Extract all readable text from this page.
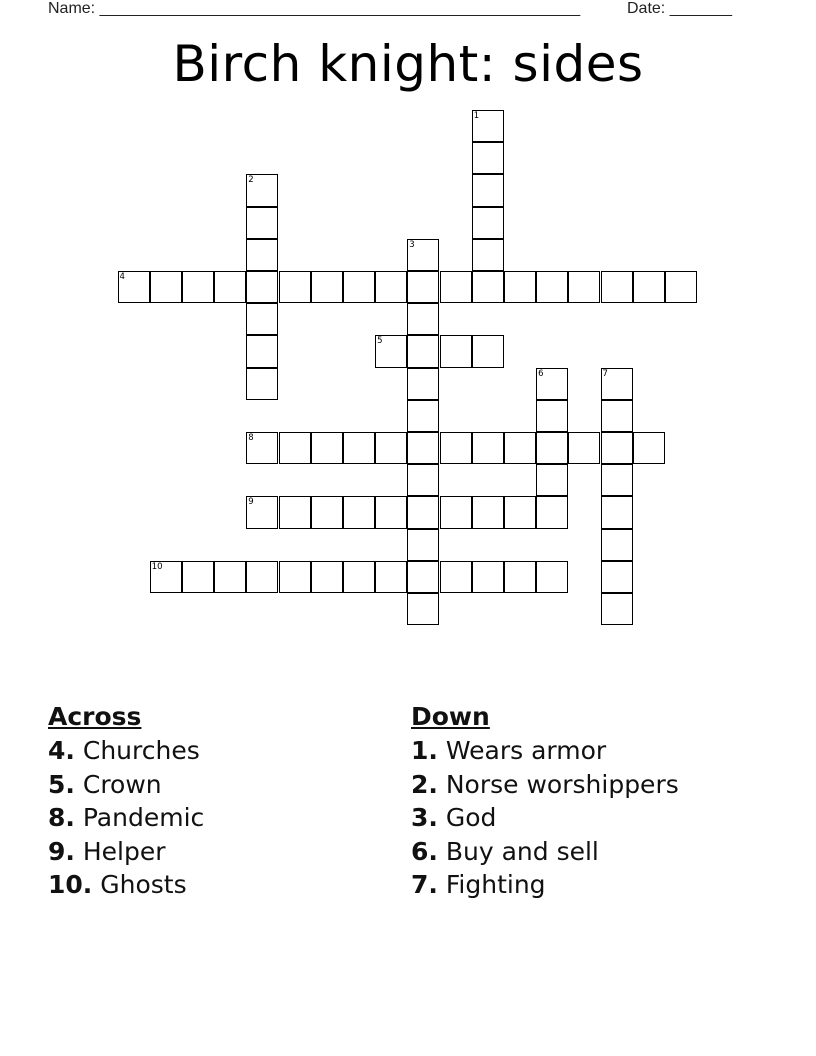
Name: ______________________________________________________	Date: _______
Birch knight: sides
1
2
3
4
5
6	7
8
9
10
Across
4. Churches
5. Crown
8. Pandemic
9. Helper
10. Ghosts
Down
1. Wears armor
2. Norse worshippers
3. God
6. Buy and sell
7. Fighting
